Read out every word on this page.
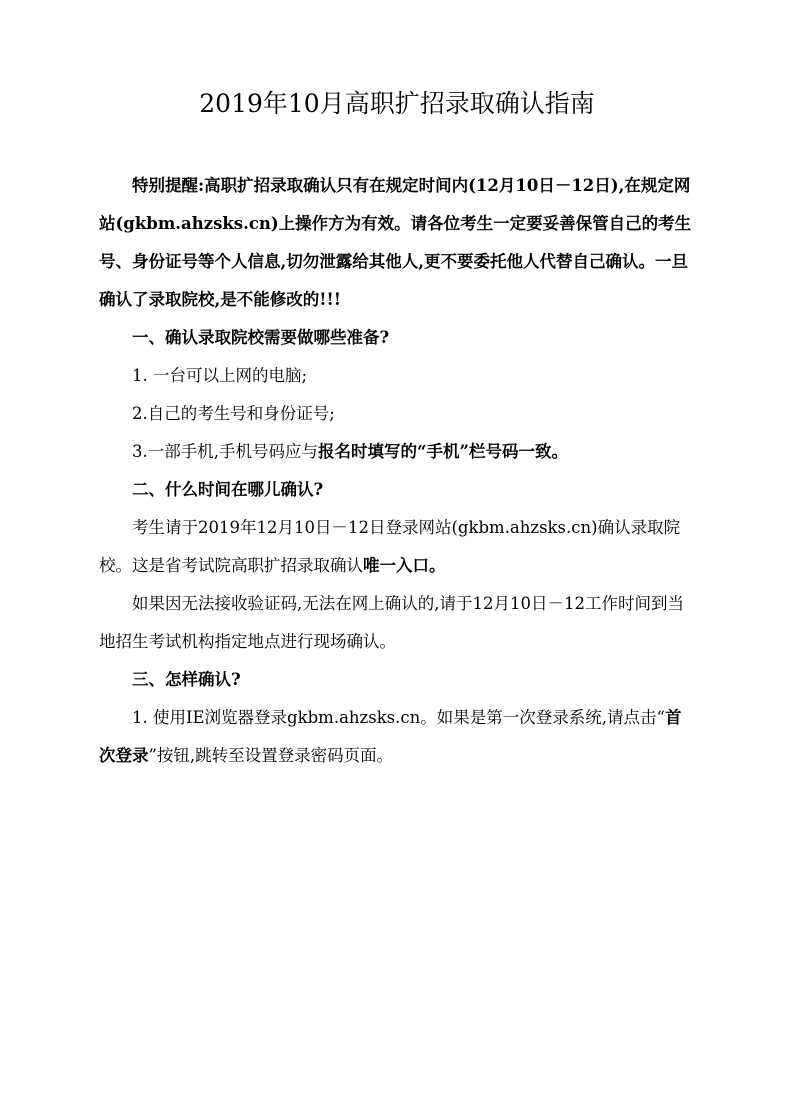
2019年10月高职扩招录取确认指南

特别提醒:高职扩招录取确认只有在规定时间内(12月10日－12日),在规定网站(gkbm.ahzsks.cn)上操作方为有效。请各位考生一定要妥善保管自己的考生号、身份证号等个人信息,切勿泄露给其他人,更不要委托他人代替自己确认。一旦确认了录取院校,是不能修改的!!!

一、确认录取院校需要做哪些准备?

1. 一台可以上网的电脑;

2.自己的考生号和身份证号;

3.一部手机,手机号码应与报名时填写的“手机”栏号码一致。

二、什么时间在哪儿确认?

考生请于2019年12月10日－12日登录网站(gkbm.ahzsks.cn)确认录取院校。这是省考试院高职扩招录取确认唯一入口。

如果因无法接收验证码,无法在网上确认的,请于12月10日－12工作时间到当地招生考试机构指定地点进行现场确认。

三、怎样确认?

1. 使用IE浏览器登录gkbm.ahzsks.cn。如果是第一次登录系统,请点击“首次登录”按钮,跳转至设置登录密码页面。
